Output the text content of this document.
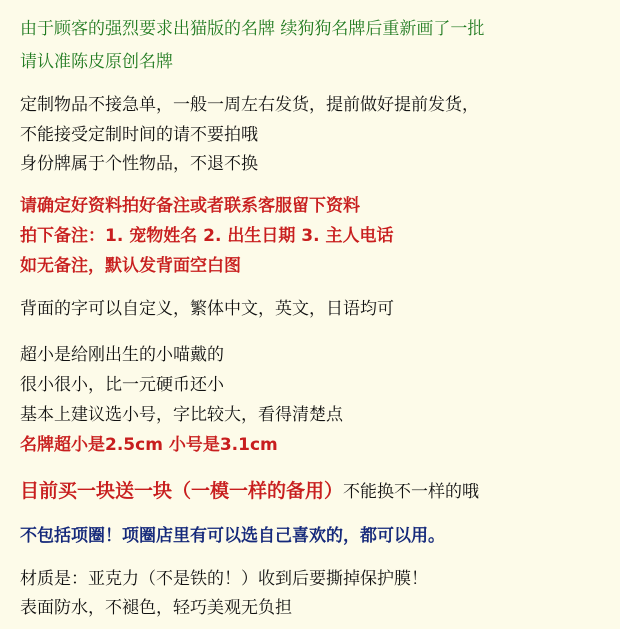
由于顾客的强烈要求出猫版的名牌 续狗狗名牌后重新画了一批
请认准陈皮原创名牌
定制物品不接急单，一般一周左右发货，提前做好提前发货，
不能接受定制时间的请不要拍哦
身份牌属于个性物品，不退不换
请确定好资料拍好备注或者联系客服留下资料
拍下备注：1. 宠物姓名 2. 出生日期 3. 主人电话
如无备注，默认发背面空白图
背面的字可以自定义，繁体中文，英文，日语均可
超小是给刚出生的小喵戴的
很小很小，比一元硬币还小
基本上建议选小号，字比较大，看得清楚点
名牌超小是2.5cm 小号是3.1cm
目前买一块送一块（一模一样的备用）不能换不一样的哦
不包括项圈！项圈店里有可以选自己喜欢的，都可以用。
材质是：亚克力（不是铁的！）收到后要撕掉保护膜！
表面防水，不褪色，轻巧美观无负担
